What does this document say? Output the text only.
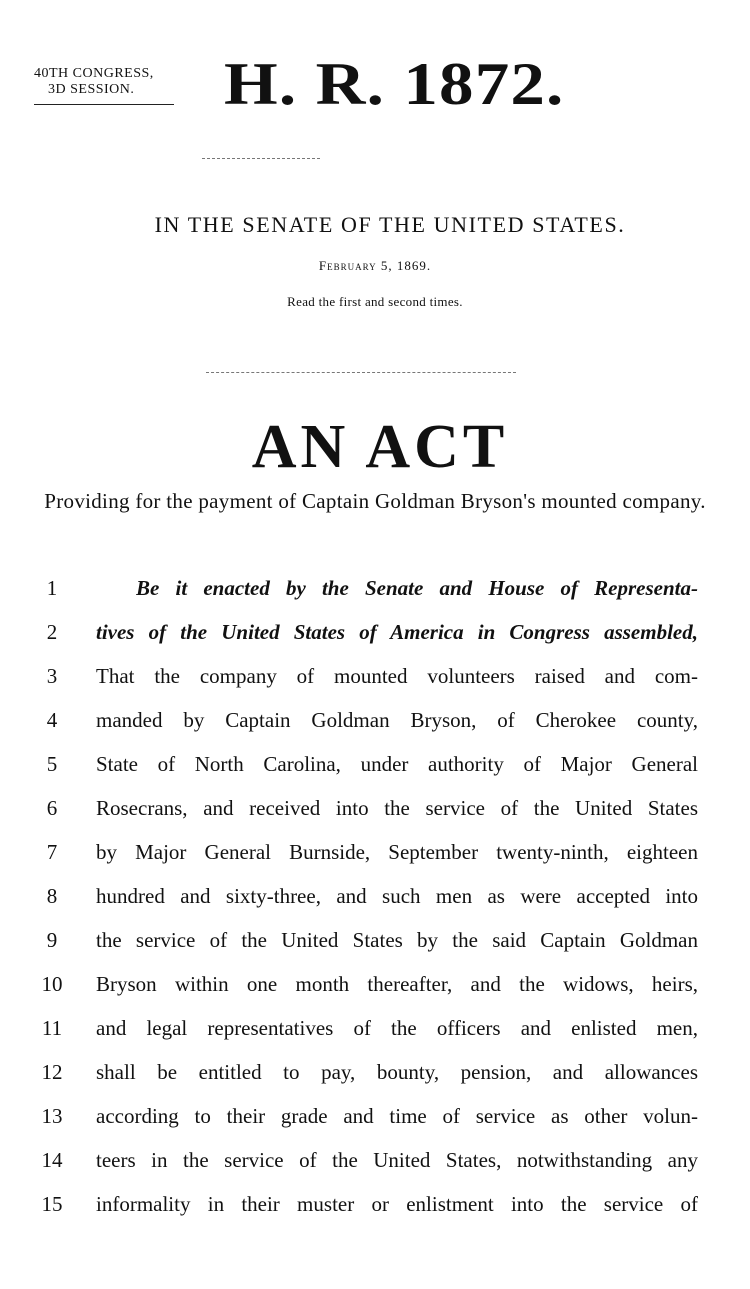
40TH CONGRESS,
3D SESSION.	H. R. 1872.
IN THE SENATE OF THE UNITED STATES.
February 5, 1869.
Read the first and second times.
AN ACT
Providing for the payment of Captain Goldman Bryson's mounted company.
1	Be it enacted by the Senate and House of Representa-
2	tives of the United States of America in Congress assembled,
3	That the company of mounted volunteers raised and com-
4	manded by Captain Goldman Bryson, of Cherokee county,
5	State of North Carolina, under authority of Major General
6	Rosecrans, and received into the service of the United States
7	by Major General Burnside, September twenty-ninth, eighteen
8	hundred and sixty-three, and such men as were accepted into
9	the service of the United States by the said Captain Goldman
10	Bryson within one month thereafter, and the widows, heirs,
11	and legal representatives of the officers and enlisted men,
12	shall be entitled to pay, bounty, pension, and allowances
13	according to their grade and time of service as other volun-
14	teers in the service of the United States, notwithstanding any
15	informality in their muster or enlistment into the service of
